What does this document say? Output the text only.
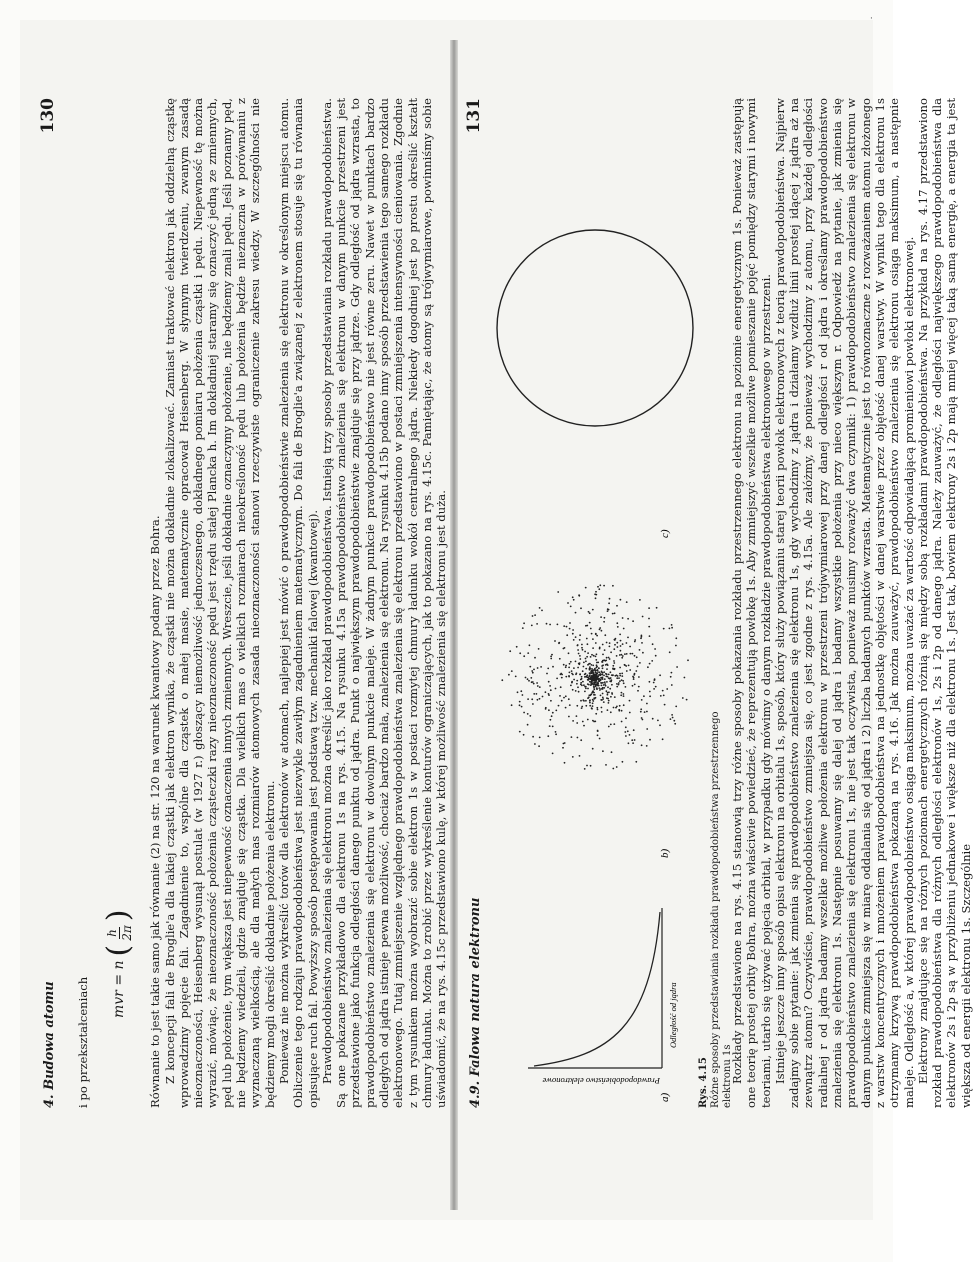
4. Budowa atomu
130

i po przekształceniach mvr = n
(
h 2π
) Równanie to jest takie samo jak równanie (2) na str. 120 na warunek kwantowy podany przez Bohra. Z koncepcji fali de Broglie'a dla takiej cząstki jak elektron wynika, że cząstki nie można dokładnie zlokalizować. Zamiast traktować elektron jak oddzielną cząstkę wprowadzimy pojęcie fali. Zagadnienie to, wspólne dla cząstek o małej masie, matematycznie opracował Heisenberg. W słynnym twierdzeniu, zwanym zasadą nieoznaczoności, Heisenberg wysunął postulat (w 1927 r.) głoszący niemożliwość jednoczesnego, dokładnego pomiaru położenia cząstki i pędu. Niepewność tę można wyrazić, mówiąc, że nieoznaczoność położenia cząsteczki razy nieoznaczoność pędu jest rzędu stałej Plancka h. Im dokładniej staramy się oznaczyć jedną ze zmiennych, pęd lub położenie, tym większa jest niepewność oznaczenia innych zmiennych. Wreszcie, jeśli dokładnie oznaczymy położenie, nie będziemy znali pędu. Jeśli poznamy pęd, nie będziemy wiedzieli, gdzie znajduje się cząstka. Dla wielkich mas o wielkich rozmiarach nieokreśloność pędu lub położenia będzie nieznaczna w porównaniu z wyznaczaną wielkością, ale dla małych mas rozmiarów atomowych zasada nieoznaczoności stanowi rzeczywiste ograniczenie zakresu wiedzy. W szczególności nie będziemy mogli określić dokładnie położenia elektronu. Ponieważ nie można wykreślić torów dla elektronów w atomach, najlepiej jest mówić o prawdopodobieństwie znalezienia się elektronu w określonym miejscu atomu. Obliczenie tego rodzaju prawdopodobieństwa jest niezwykle zawiłym zagadnieniem matematycznym. Do fali de Broglie'a związanej z elektronem stosuje się tu równania opisujące ruch fal. Powyższy sposób postępowania jest podstawą tzw. mechaniki falowej (kwantowej). Prawdopodobieństwo znalezienia się elektronu można określić jako rozkład prawdopodobieństwa. Istnieją trzy sposoby przedstawiania rozkładu prawdopodobieństwa. Są one pokazane przykładowo dla elektronu 1s na rys. 4.15. Na rysunku 4.15a prawdopodobieństwo znalezienia się elektronu w danym punkcie przestrzeni jest przedstawione jako funkcja odległości danego punktu od jądra. Punkt o największym prawdopodobieństwie znajduje się przy jądrze. Gdy odległość od jądra wzrasta, to prawdopodobieństwo znalezienia się elektronu w dowolnym punkcie maleje. W żadnym punkcie prawdopodobieństwo nie jest równe zeru. Nawet w punktach bardzo odległych od jądra istnieje pewna możliwość, chociaż bardzo mała, znalezienia się elektronu. Na rysunku 4.15b podano inny sposób przedstawienia tego samego rozkładu elektronowego. Tutaj zmniejszenie względnego prawdopodobieństwa znalezienia się elektronu przedstawiono w postaci zmniejszenia intensywności cieniowania. Zgodnie z tym rysunkiem można wyobrazić sobie elektron 1s w postaci rozmytej chmury ładunku wokół centralnego jądra. Niekiedy dogodniej jest po prostu określić kształt chmury ładunku. Można to zrobić przez wykreślenie konturów ograniczających, jak to pokazano na rys. 4.15c. Pamiętając, że atomy są trójwymiarowe, powinniśmy sobie uświadomić, że na rys. 4.15c przedstawiono kulę, w której możliwość znalezienia się elektronu jest duża. 4.9. Falowa natura elektronu
131
a)
Prawdopodobieństwo elektronowe
Odległość od jądra
b)
c)
Rys. 4.15
Różne sposoby przedstawiania rozkładu prawdopodobieństwa przestrzennego elektronu 1s

Rozkłady przedstawione na rys. 4.15 stanowią trzy różne sposoby pokazania rozkładu przestrzennego elektronu na poziomie energetycznym 1s. Ponieważ zastępują one teorię prostej orbity Bohra, można właściwie powiedzieć, że reprezentują powłokę 1s. Aby zmniejszyć wszelkie możliwe pomieszanie pojęć pomiędzy starymi i nowymi teoriami, utarło się używać pojęcia orbital, w przypadku gdy mówimy o danym rozkładzie prawdopodobieństwa elektronowego w przestrzeni. Istnieje jeszcze inny sposób opisu elektronu na orbitalu 1s, sposób, który służy powiązaniu starej teorii powłok elektronowych z teorią prawdopodobieństwa. Najpierw zadajmy sobie pytanie: jak zmienia się prawdopodobieństwo znalezienia się elektronu 1s, gdy wychodzimy z jądra i działamy wzdłuż linii prostej idącej z jądra aż na zewnątrz atomu? Oczywiście, prawdopodobieństwo zmniejsza się, co jest zgodne z rys. 4.15a. Ale załóżmy, że ponieważ wychodzimy z atomu, przy każdej odległości radialnej r od jądra badamy wszelkie możliwe położenia elektronu w przestrzeni trójwymiarowej przy danej odległości r od jądra i określamy prawdopodobieństwo znalezienia się elektronu 1s. Następnie posuwamy się dalej od jądra i badamy wszystkie położenia przy nieco większym r. Odpowiedź na pytanie, jak zmienia się prawdopodobieństwo znalezienia się elektronu 1s, nie jest tak oczywista, ponieważ musimy rozważyć dwa czynniki: 1) prawdopodobieństwo znalezienia się elektronu w danym punkcie zmniejsza się w miarę oddalania się od jądra i 2) liczba badanych punktów wzrasta. Matematycznie jest to równoznaczne z rozważaniem atomu złożonego z warstw koncentrycznych i mnożeniem prawdopodobieństwa na jednostkę objętości w danej warstwie przez objętość danej warstwy. W wyniku tego dla elektronu 1s otrzymamy krzywą prawdopodobieństwa pokazaną na rys. 4.16. Jak można zauważyć, prawdopodobieństwo znalezienia się elektronu osiąga maksimum, a następnie maleje. Odległość a, w której prawdopodobieństwo osiąga maksimum, można uważać za wartość odpowiadającą promieniowi powłoki elektronowej. Elektrony znajdujące się na różnych poziomach energetycznych różnią się między sobą rozkładami prawdopodobieństwa. Na przykład na rys. 4.17 przedstawiono rozkład prawdopodobieństwa dla różnych odległości elektronów 1s, 2s i 2p od danego jądra. Należy zauważyć, że odległości największego prawdopodobieństwa dla elektronów 2s i 2p są w przybliżeniu jednakowe i większe niż dla elektronu 1s. Jest tak, bowiem elektrony 2s i 2p mają mniej więcej taką samą energię, a energia ta jest większa od energii elektronu 1s. Szczególnie

·
